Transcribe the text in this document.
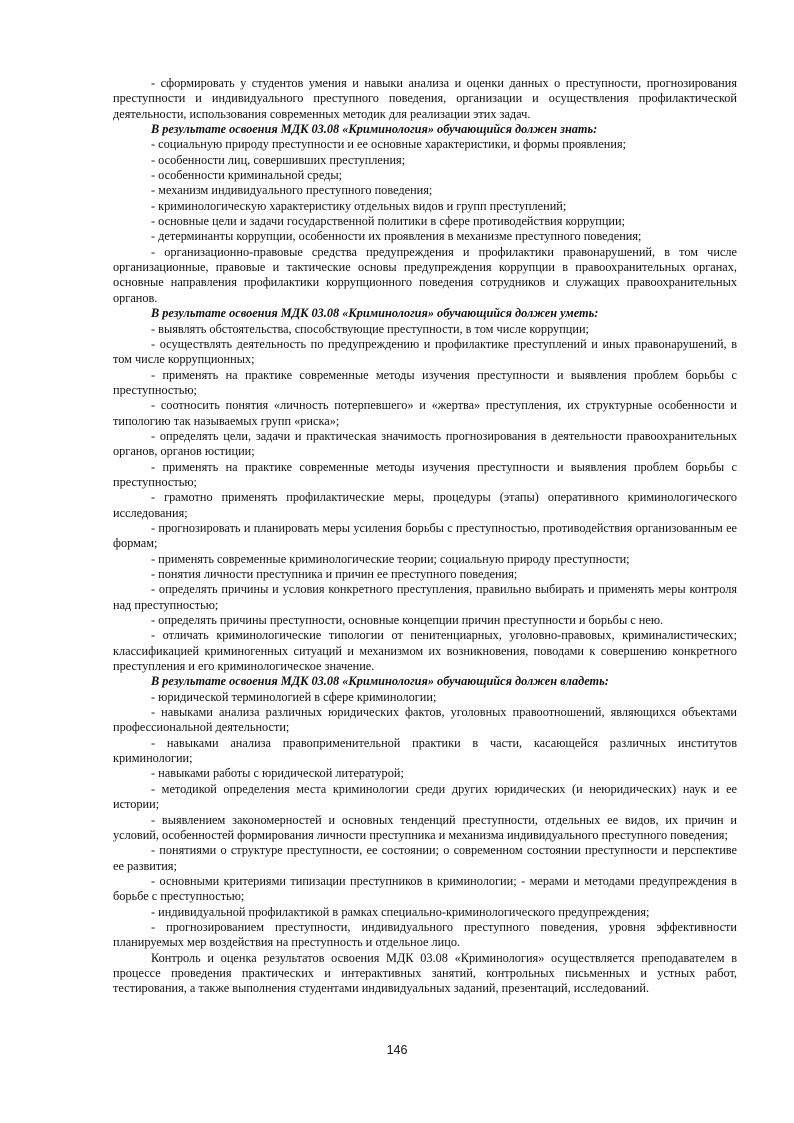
- сформировать у студентов умения и навыки анализа и оценки данных о преступности, прогнозирования преступности и индивидуального преступного поведения, организации и осуществления профилактической деятельности, использования современных методик для реализации этих задач.

В результате освоения МДК 03.08 «Криминология» обучающийся должен знать:

- социальную природу преступности и ее основные характеристики, и формы проявления;

- особенности лиц, совершивших преступления;

- особенности криминальной среды;

- механизм индивидуального преступного поведения;

- криминологическую характеристику отдельных видов и групп преступлений;

- основные цели и задачи государственной политики в сфере противодействия коррупции;

- детерминанты коррупции, особенности их проявления в механизме преступного поведения;

- организационно-правовые средства предупреждения и профилактики правонарушений, в том числе организационные, правовые и тактические основы предупреждения коррупции в правоохранительных органах, основные направления профилактики коррупционного поведения сотрудников и служащих правоохранительных органов.

В результате освоения МДК 03.08 «Криминология» обучающийся должен уметь:

- выявлять обстоятельства, способствующие преступности, в том числе коррупции;

- осуществлять деятельность по предупреждению и профилактике преступлений и иных правонарушений, в том числе коррупционных;

- применять на практике современные методы изучения преступности и выявления проблем борьбы с преступностью;

- соотносить понятия «личность потерпевшего» и «жертва» преступления, их структурные особенности и типологию так называемых групп «риска»;

- определять цели, задачи и практическая значимость прогнозирования в деятельности правоохранительных органов, органов юстиции;

- применять на практике современные методы изучения преступности и выявления проблем борьбы с преступностью;

- грамотно применять профилактические меры, процедуры (этапы) оперативного криминологического исследования;

- прогнозировать и планировать меры усиления борьбы с преступностью, противодействия организованным ее формам;

- применять современные криминологические теории; социальную природу преступности;

- понятия личности преступника и причин ее преступного поведения;

- определять причины и условия конкретного преступления, правильно выбирать и применять меры контроля над преступностью;

- определять причины преступности, основные концепции причин преступности и борьбы с нею.

- отличать криминологические типологии от пенитенциарных, уголовно-правовых, криминалистических; классификацией криминогенных ситуаций и механизмом их возникновения, поводами к совершению конкретного преступления и его криминологическое значение.

В результате освоения МДК 03.08 «Криминология» обучающийся должен владеть:

- юридической терминологией в сфере криминологии;

- навыками анализа различных юридических фактов, уголовных правоотношений, являющихся объектами профессиональной деятельности;

- навыками анализа правоприменительной практики в части, касающейся различных институтов криминологии;

- навыками работы с юридической литературой;

- методикой определения места криминологии среди других юридических (и неюридических) наук и ее истории;

- выявлением закономерностей и основных тенденций преступности, отдельных ее видов, их причин и условий, особенностей формирования личности преступника и механизма индивидуального преступного поведения;

- понятиями о структуре преступности, ее состоянии; о современном состоянии преступности и перспективе ее развития;

- основными критериями типизации преступников в криминологии; - мерами и методами предупреждения в борьбе с преступностью;

- индивидуальной профилактикой в рамках специально-криминологического предупреждения;

- прогнозированием преступности, индивидуального преступного поведения, уровня эффективности планируемых мер воздействия на преступность и отдельное лицо.

Контроль и оценка результатов освоения МДК 03.08 «Криминология» осуществляется преподавателем в процессе проведения практических и интерактивных занятий, контрольных письменных и устных работ, тестирования, а также выполнения студентами индивидуальных заданий, презентаций, исследований.

146
